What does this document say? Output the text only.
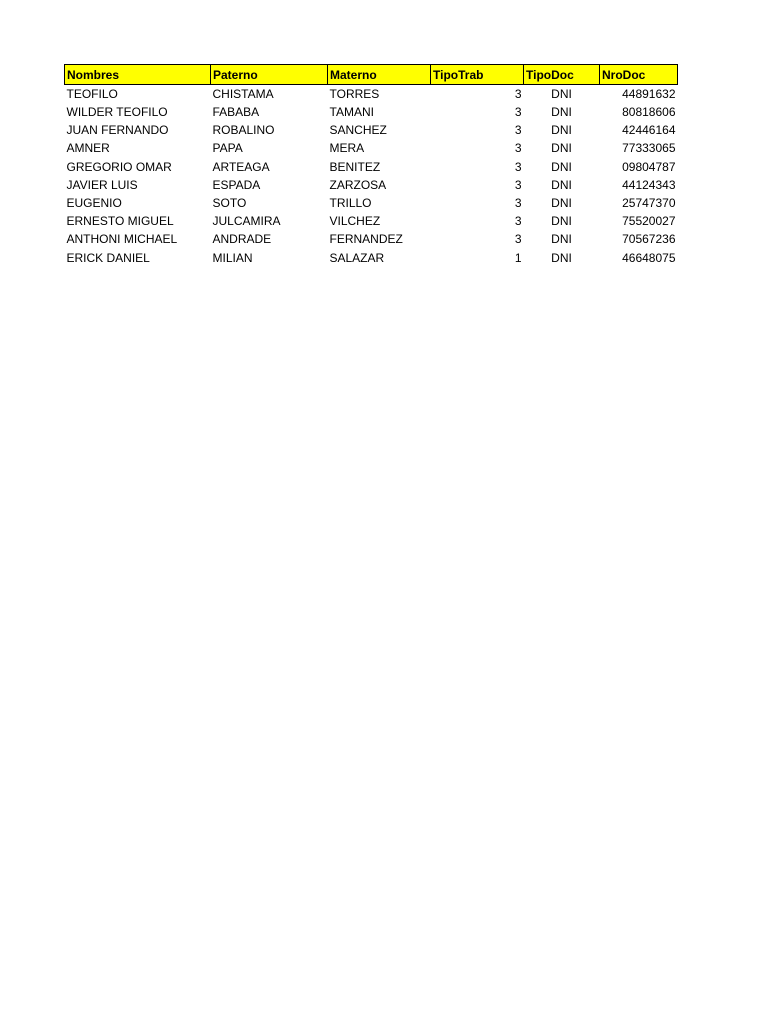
Nombres	Paterno	Materno	TipoTrab	TipoDoc	NroDoc
TEOFILO	CHISTAMA	TORRES	3	DNI	44891632
WILDER TEOFILO	FABABA	TAMANI	3	DNI	80818606
JUAN FERNANDO	ROBALINO	SANCHEZ	3	DNI	42446164
AMNER	PAPA	MERA	3	DNI	77333065
GREGORIO OMAR	ARTEAGA	BENITEZ	3	DNI	09804787
JAVIER LUIS	ESPADA	ZARZOSA	3	DNI	44124343
EUGENIO	SOTO	TRILLO	3	DNI	25747370
ERNESTO MIGUEL	JULCAMIRA	VILCHEZ	3	DNI	75520027
ANTHONI MICHAEL	ANDRADE	FERNANDEZ	3	DNI	70567236
ERICK DANIEL	MILIAN	SALAZAR	1	DNI	46648075
